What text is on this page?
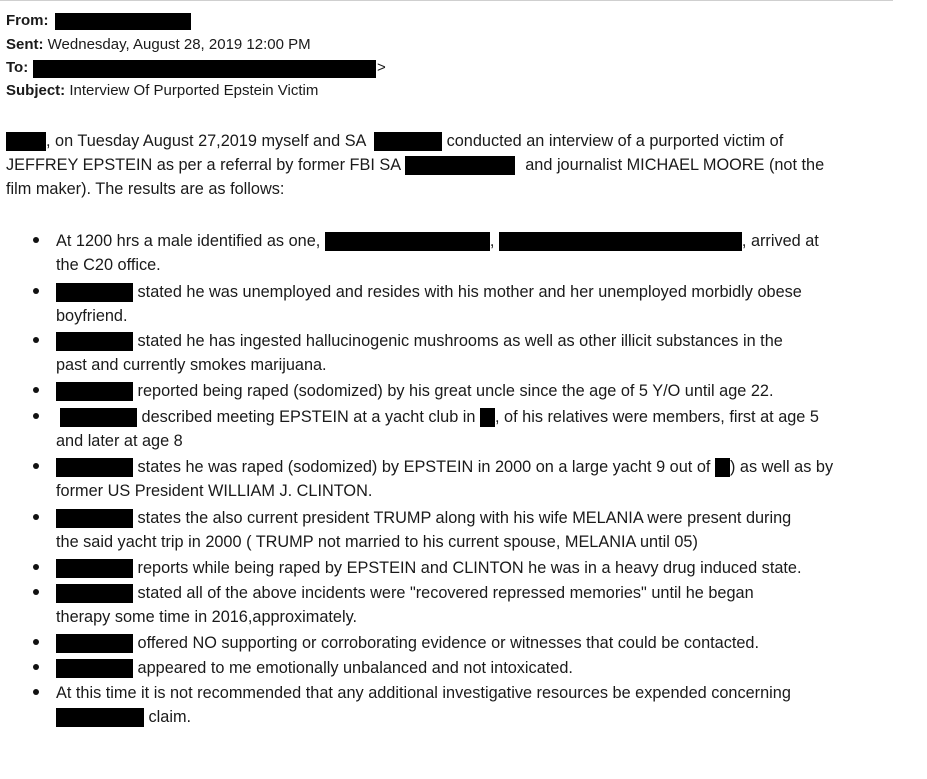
From:
Sent: Wednesday, August 28, 2019 12:00 PM
To:	>
Subject: Interview Of Purported Epstein Victim
, on Tuesday August 27,2019 myself and SA	conducted an interview of a purported victim of
JEFFREY EPSTEIN as per a referral by former FBI SA	and journalist MICHAEL MOORE (not the
film maker). The results are as follows:
At 1200 hrs a male identified as one,	,	, arrived at
the C20 office.
stated he was unemployed and resides with his mother and her unemployed morbidly obese
boyfriend.
stated he has ingested hallucinogenic mushrooms as well as other illicit substances in the
past and currently smokes marijuana.
reported being raped (sodomized) by his great uncle since the age of 5 Y/O until age 22.
described meeting EPSTEIN at a yacht club in , of his relatives were members, first at age 5
and later at age 8
states he was raped (sodomized) by EPSTEIN in 2000 on a large yacht 9 out of ) as well as by
former US President WILLIAM J. CLINTON.
states the also current president TRUMP along with his wife MELANIA were present during
the said yacht trip in 2000 ( TRUMP not married to his current spouse, MELANIA until 05)
reports while being raped by EPSTEIN and CLINTON he was in a heavy drug induced state.
stated all of the above incidents were "recovered repressed memories" until he began
therapy some time in 2016,approximately.
offered NO supporting or corroborating evidence or witnesses that could be contacted.
appeared to me emotionally unbalanced and not intoxicated.
At this time it is not recommended that any additional investigative resources be expended concerning
claim.
